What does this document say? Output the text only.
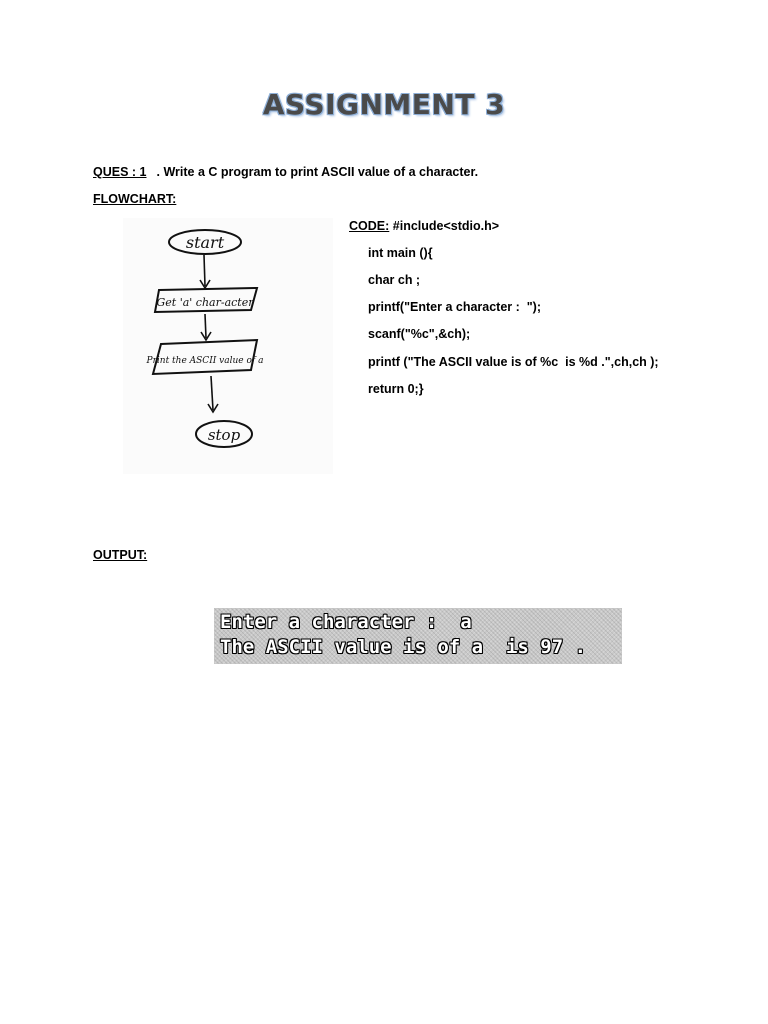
ASSIGNMENT 3
QUES : 1 . Write a C program to print ASCII value of a character.
FLOWCHART:
start
Get 'a' char-acter
Print the ASCII value of a
stop
CODE: #include<stdio.h>
int main (){
char ch ;
printf("Enter a character :  ");
scanf("%c",&ch);
printf ("The ASCII value is of %c  is %d .",ch,ch );
return 0;}
OUTPUT:
Enter a character :  a
The ASCII value is of a  is 97 .
